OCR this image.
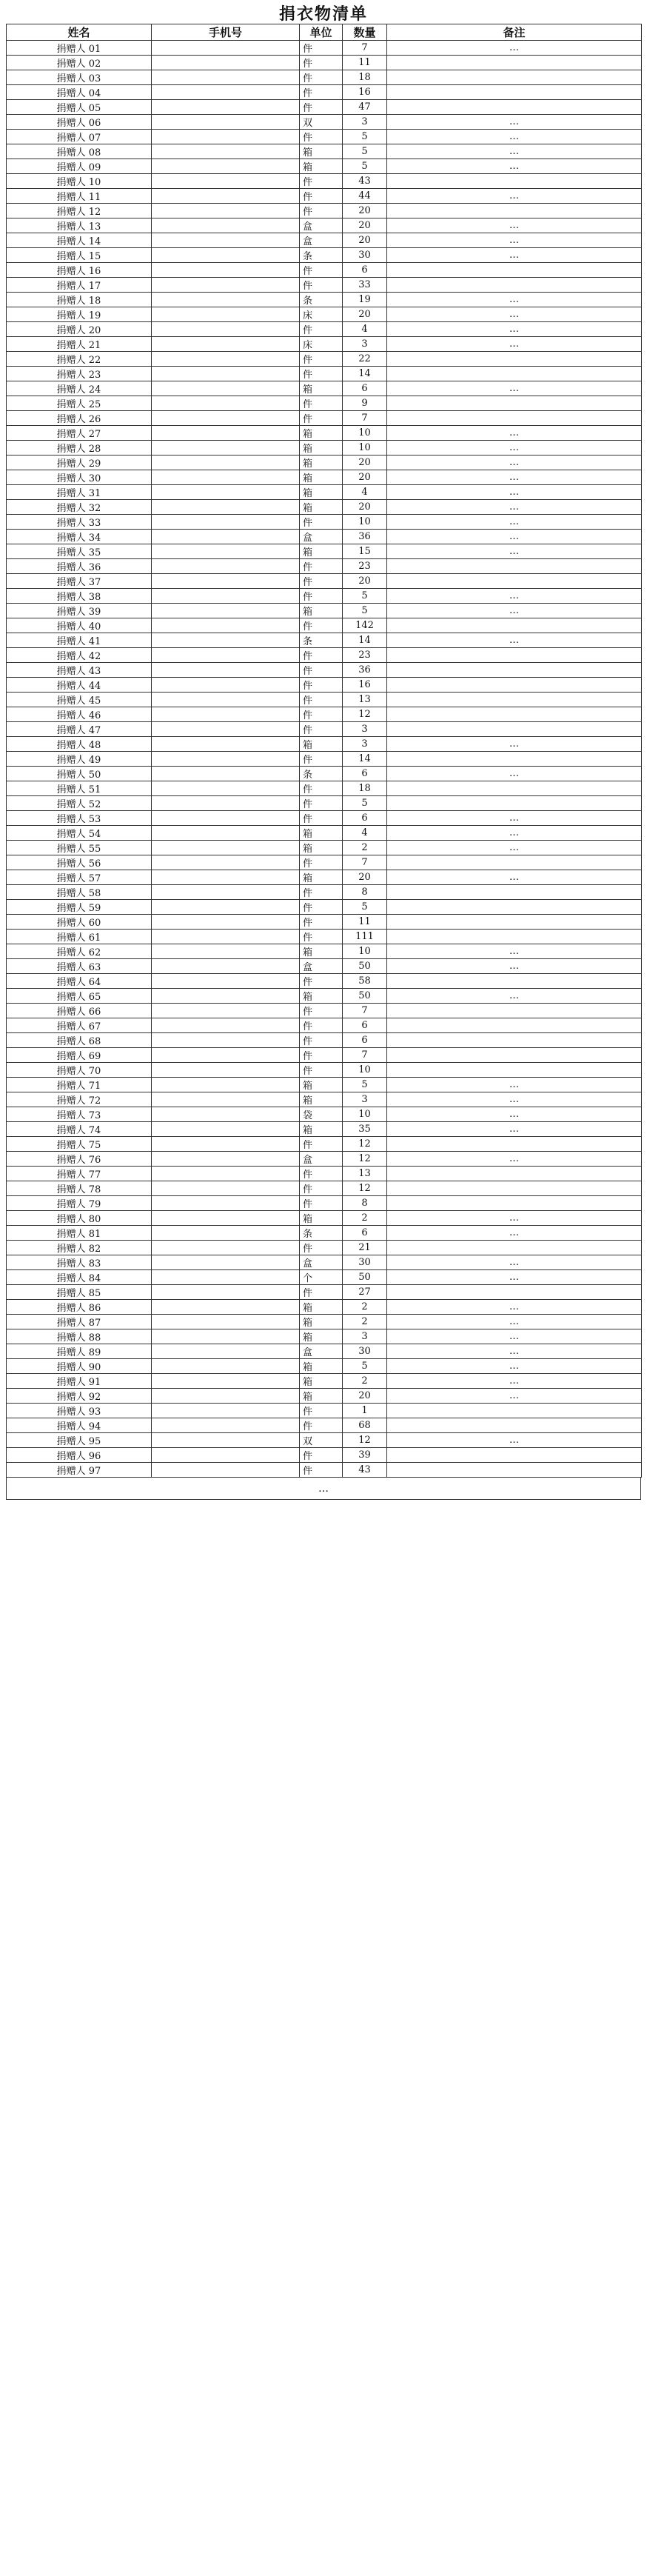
捐衣物清单
姓名	手机号	单位	数量	备注
捐赠人 01		件	7	…
捐赠人 02		件	11	
捐赠人 03		件	18	
捐赠人 04		件	16	
捐赠人 05		件	47	
捐赠人 06		双	3	…
捐赠人 07		件	5	…
捐赠人 08		箱	5	…
捐赠人 09		箱	5	…
捐赠人 10		件	43	
捐赠人 11		件	44	…
捐赠人 12		件	20	
捐赠人 13		盒	20	…
捐赠人 14		盒	20	…
捐赠人 15		条	30	…
捐赠人 16		件	6	
捐赠人 17		件	33	
捐赠人 18		条	19	…
捐赠人 19		床	20	…
捐赠人 20		件	4	…
捐赠人 21		床	3	…
捐赠人 22		件	22	
捐赠人 23		件	14	
捐赠人 24		箱	6	…
捐赠人 25		件	9	
捐赠人 26		件	7	
捐赠人 27		箱	10	…
捐赠人 28		箱	10	…
捐赠人 29		箱	20	…
捐赠人 30		箱	20	…
捐赠人 31		箱	4	…
捐赠人 32		箱	20	…
捐赠人 33		件	10	…
捐赠人 34		盒	36	…
捐赠人 35		箱	15	…
捐赠人 36		件	23	
捐赠人 37		件	20	
捐赠人 38		件	5	…
捐赠人 39		箱	5	…
捐赠人 40		件	142	
捐赠人 41		条	14	…
捐赠人 42		件	23	
捐赠人 43		件	36	
捐赠人 44		件	16	
捐赠人 45		件	13	
捐赠人 46		件	12	
捐赠人 47		件	3	
捐赠人 48		箱	3	…
捐赠人 49		件	14	
捐赠人 50		条	6	…
捐赠人 51		件	18	
捐赠人 52		件	5	
捐赠人 53		件	6	…
捐赠人 54		箱	4	…
捐赠人 55		箱	2	…
捐赠人 56		件	7	
捐赠人 57		箱	20	…
捐赠人 58		件	8	
捐赠人 59		件	5	
捐赠人 60		件	11	
捐赠人 61		件	111	
捐赠人 62		箱	10	…
捐赠人 63		盒	50	…
捐赠人 64		件	58	
捐赠人 65		箱	50	…
捐赠人 66		件	7	
捐赠人 67		件	6	
捐赠人 68		件	6	
捐赠人 69		件	7	
捐赠人 70		件	10	
捐赠人 71		箱	5	…
捐赠人 72		箱	3	…
捐赠人 73		袋	10	…
捐赠人 74		箱	35	…
捐赠人 75		件	12	
捐赠人 76		盒	12	…
捐赠人 77		件	13	
捐赠人 78		件	12	
捐赠人 79		件	8	
捐赠人 80		箱	2	…
捐赠人 81		条	6	…
捐赠人 82		件	21	
捐赠人 83		盒	30	…
捐赠人 84		个	50	…
捐赠人 85		件	27	
捐赠人 86		箱	2	…
捐赠人 87		箱	2	…
捐赠人 88		箱	3	…
捐赠人 89		盒	30	…
捐赠人 90		箱	5	…
捐赠人 91		箱	2	…
捐赠人 92		箱	20	…
捐赠人 93		件	1	
捐赠人 94		件	68	
捐赠人 95		双	12	…
捐赠人 96		件	39	
捐赠人 97		件	43	
…
